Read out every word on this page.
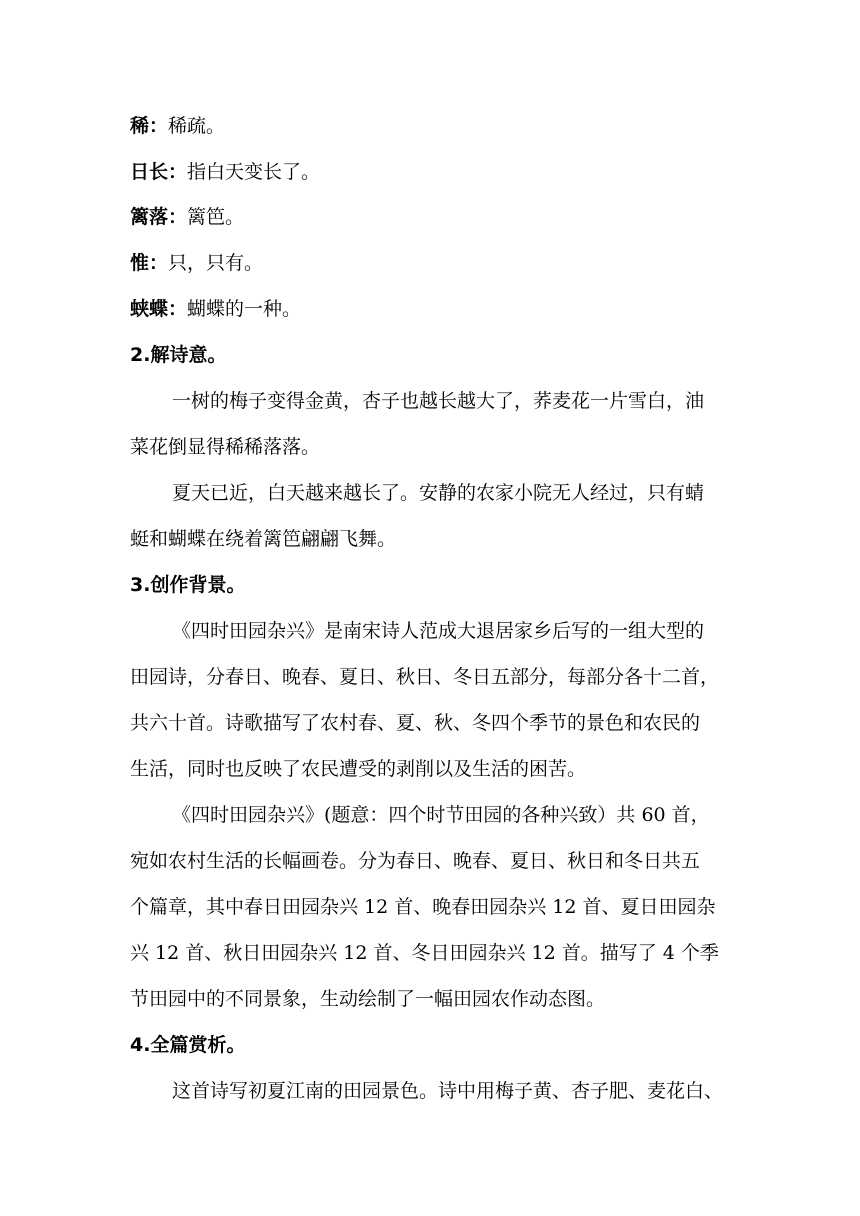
稀：稀疏。

日长：指白天变长了。

篱落：篱笆。

惟：只，只有。

蛱蝶：蝴蝶的一种。

2.解诗意。

一树的梅子变得金黄，杏子也越长越大了，荞麦花一片雪白，油

菜花倒显得稀稀落落。

夏天已近，白天越来越长了。安静的农家小院无人经过，只有蜻

蜓和蝴蝶在绕着篱笆翩翩飞舞。

3.创作背景。

《四时田园杂兴》是南宋诗人范成大退居家乡后写的一组大型的

田园诗，分春日、晚春、夏日、秋日、冬日五部分，每部分各十二首，

共六十首。诗歌描写了农村春、夏、秋、冬四个季节的景色和农民的

生活，同时也反映了农民遭受的剥削以及生活的困苦。

《四时田园杂兴》(题意：四个时节田园的各种兴致）共 60 首，

宛如农村生活的长幅画卷。分为春日、晚春、夏日、秋日和冬日共五

个篇章，其中春日田园杂兴 12 首、晚春田园杂兴 12 首、夏日田园杂

兴 12 首、秋日田园杂兴 12 首、冬日田园杂兴 12 首。描写了 4 个季

节田园中的不同景象，生动绘制了一幅田园农作动态图。

4.全篇赏析。

这首诗写初夏江南的田园景色。诗中用梅子黄、杏子肥、麦花白、
